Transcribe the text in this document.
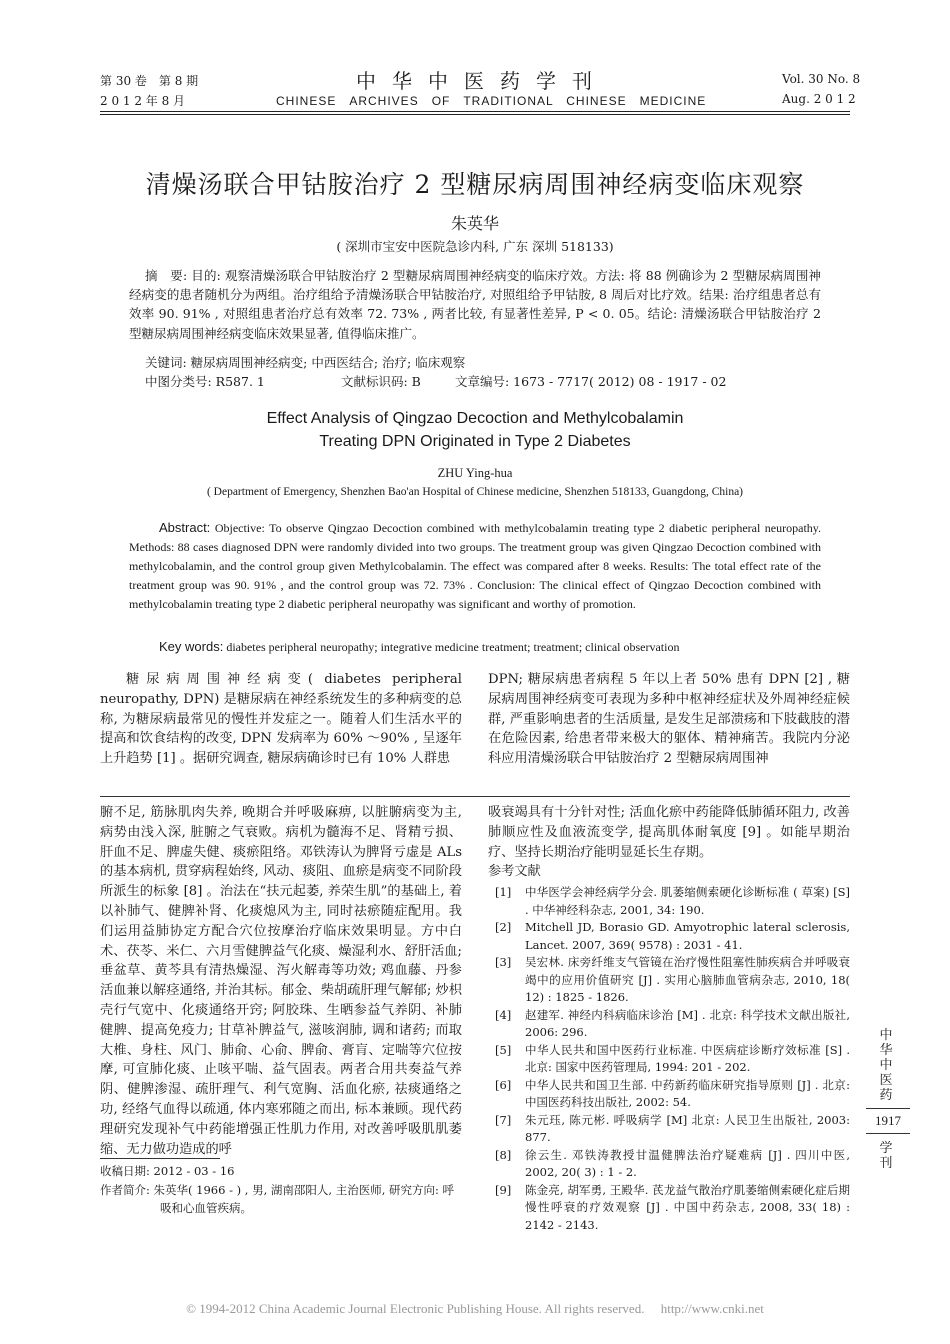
第 30 卷　第 8 期
2 0 1 2 年 8 月
中华中医药学刊
CHINESE　ARCHIVES　OF　TRADITIONAL　CHINESE　MEDICINE
Vol. 30 No. 8
Aug. 2 0 1 2
清燥汤联合甲钴胺治疗 2 型糖尿病周围神经病变临床观察
朱英华
( 深圳市宝安中医院急诊内科, 广东 深圳 518133)
摘　要: 目的: 观察清燥汤联合甲钴胺治疗 2 型糖尿病周围神经病变的临床疗效。方法: 将 88 例确诊为 2 型糖尿病周围神经病变的患者随机分为两组。治疗组给予清燥汤联合甲钴胺治疗, 对照组给予甲钴胺, 8 周后对比疗效。结果: 治疗组患者总有效率 90. 91% , 对照组患者治疗总有效率 72. 73% , 两者比较, 有显著性差异, P < 0. 05。结论: 清燥汤联合甲钴胺治疗 2 型糖尿病周围神经病变临床效果显著, 值得临床推广。
关键词: 糖尿病周围神经病变; 中西医结合; 治疗; 临床观察
中图分类号: R587. 1	文献标识码: B	文章编号: 1673 - 7717( 2012) 08 - 1917 - 02
Effect Analysis of Qingzao Decoction and Methylcobalamin
Treating DPN Originated in Type 2 Diabetes
ZHU Ying-hua
( Department of Emergency, Shenzhen Bao'an Hospital of Chinese medicine, Shenzhen 518133, Guangdong, China)
Abstract: Objective: To observe Qingzao Decoction combined with methylcobalamin treating type 2 diabetic peripheral neuropathy. Methods: 88 cases diagnosed DPN were randomly divided into two groups. The treatment group was given Qingzao Decoction combined with methylcobalamin, and the control group given Methylcobalamin. The effect was compared after 8 weeks. Results: The total effect rate of the treatment group was 90. 91% , and the control group was 72. 73% . Conclusion: The clinical effect of Qingzao Decoction combined with methylcobalamin treating type 2 diabetic peripheral neuropathy was significant and worthy of promotion.
Key words: diabetes peripheral neuropathy; integrative medicine treatment; treatment; clinical observation
糖尿病周围神经病变( diabetes peripheral neuropathy, DPN) 是糖尿病在神经系统发生的多种病变的总称, 为糖尿病最常见的慢性并发症之一。随着人们生活水平的提高和饮食结构的改变, DPN 发病率为 60% ～90% , 呈逐年上升趋势 [1] 。据研究调查, 糖尿病确诊时已有 10% 人群患
DPN; 糖尿病患者病程 5 年以上者 50% 患有 DPN [2] , 糖尿病周围神经病变可表现为多种中枢神经症状及外周神经症候群, 严重影响患者的生活质量, 是发生足部溃疡和下肢截肢的潜在危险因素, 给患者带来极大的躯体、精神痛苦。我院内分泌科应用清燥汤联合甲钴胺治疗 2 型糖尿病周围神
腑不足, 筋脉肌肉失养, 晚期合并呼吸麻痹, 以脏腑病变为主, 病势由浅入深, 脏腑之气衰败。病机为髓海不足、肾精亏损、肝血不足、脾虚失健、痰瘀阻络。邓铁涛认为脾肾亏虚是 ALs 的基本病机, 贯穿病程始终, 风动、痰阻、血瘀是病变不同阶段所派生的标象 [8] 。治法在“扶元起萎, 养荣生肌”的基础上, 着以补肺气、健脾补肾、化痰熄风为主, 同时祛瘀随症配用。我们运用益肺协定方配合穴位按摩治疗临床效果明显。方中白术、茯苓、米仁、六月雪健脾益气化痰、燥湿利水、舒肝活血; 垂盆草、黄芩具有清热燥湿、泻火解毒等功效; 鸡血藤、丹参活血兼以解痉通络, 并治其标。郁金、柴胡疏肝理气解郁; 炒枳壳行气宽中、化痰通络开窍; 阿胶珠、生晒参益气养阴、补肺健脾、提高免疫力; 甘草补脾益气, 滋咳润肺, 调和诸药; 而取大椎、身柱、风门、肺俞、心俞、脾俞、膏肓、定喘等穴位按摩, 可宣肺化痰、止咳平喘、益气固表。两者合用共奏益气养阴、健脾渗湿、疏肝理气、利气宽胸、活血化瘀, 祛痰通络之功, 经络气血得以疏通, 体内寒邪随之而出, 标本兼顾。现代药理研究发现补气中药能增强正性肌力作用, 对改善呼吸肌肌萎缩、无力做功造成的呼
吸衰竭具有十分针对性; 活血化瘀中药能降低肺循环阻力, 改善肺顺应性及血液流变学, 提高肌体耐氧度 [9] 。如能早期治疗、坚持长期治疗能明显延长生存期。
参考文献
[1] 中华医学会神经病学分会. 肌萎缩侧索硬化诊断标准 ( 草案) [S] . 中华神经科杂志, 2001, 34: 190.
[2] Mitchell JD, Borasio GD. Amyotrophic lateral sclerosis, Lancet. 2007, 369( 9578) : 2031 - 41.
[3] 吴宏林. 床旁纤维支气管镜在治疗慢性阻塞性肺疾病合并呼吸衰竭中的应用价值研究 [J] . 实用心脑肺血管病杂志, 2010, 18( 12) : 1825 - 1826.
[4] 赵建军. 神经内科病临床诊治 [M] . 北京: 科学技术文献出版社, 2006: 296.
[5] 中华人民共和国中医药行业标准. 中医病症诊断疗效标准 [S] . 北京: 国家中医药管理局, 1994: 201 - 202.
[6] 中华人民共和国卫生部. 中药新药临床研究指导原则 [J] . 北京: 中国医药科技出版社, 2002: 54.
[7] 朱元珏, 陈元彬. 呼吸病学 [M] 北京: 人民卫生出版社, 2003: 877.
[8] 徐云生. 邓铁涛教授甘温健脾法治疗疑难病 [J] . 四川中医, 2002, 20( 3) : 1 - 2.
[9] 陈金亮, 胡军勇, 王殿华. 芪龙益气散治疗肌萎缩侧索硬化症后期慢性呼衰的疗效观察 [J] . 中国中药杂志, 2008, 33( 18) : 2142 - 2143.
收稿日期: 2012 - 03 - 16
作者简介: 朱英华( 1966 - ) , 男, 湖南邵阳人, 主治医师, 研究方向: 呼吸和心血管疾病。
中华中医药
1917
学刊
© 1994-2012 China Academic Journal Electronic Publishing House. All rights reserved.　 http://www.cnki.net
